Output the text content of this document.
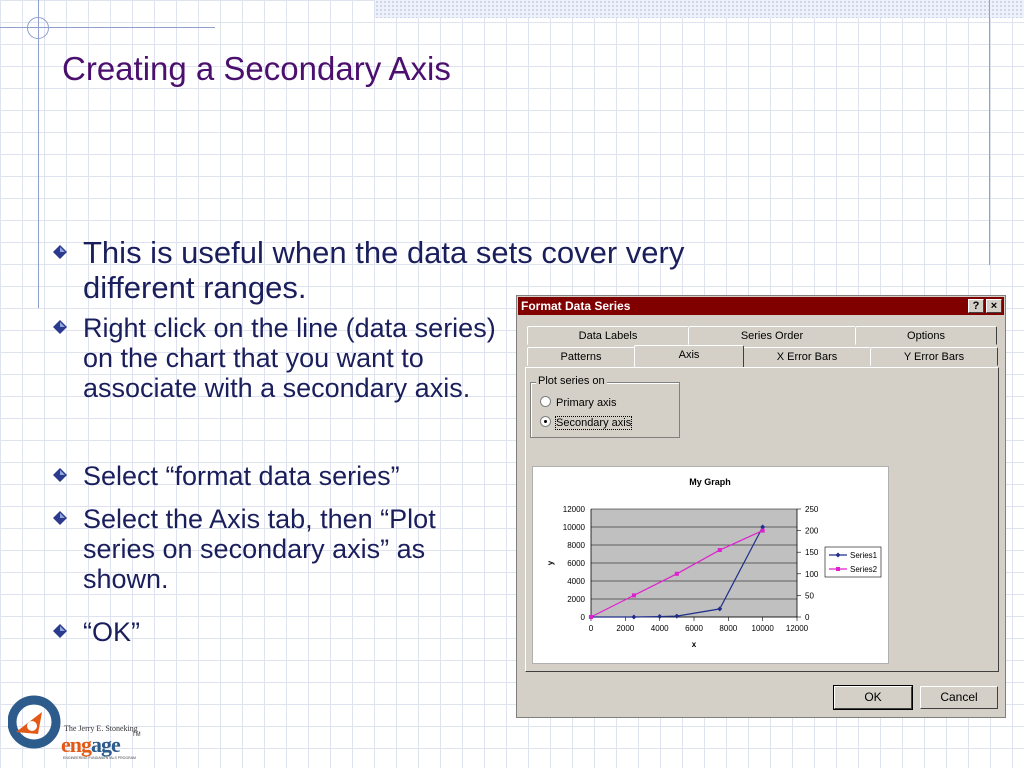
Creating a Secondary Axis
This is useful when the data sets cover very different ranges.
Right click on the line (data series) on the chart that you want to associate with a secondary axis.
Select “format data series”
Select the Axis tab, then “Plot series on secondary axis” as shown.
“OK”
The Jerry E. Stoneking
engage TM
ENGINEERING FUNDAMENTALS PROGRAM
Format Data Series	?	×
Data Labels	Series Order	Options
Patterns	Axis	X Error Bars	Y Error Bars
Plot series on
Primary axis
Secondary axis
0
2000
4000
6000
8000
10000
12000
0
50
100
150
200
250
0	2000 4000 6000 8000 10000 12000
My Graph
x
y
Series1
Series2
OK	Cancel
